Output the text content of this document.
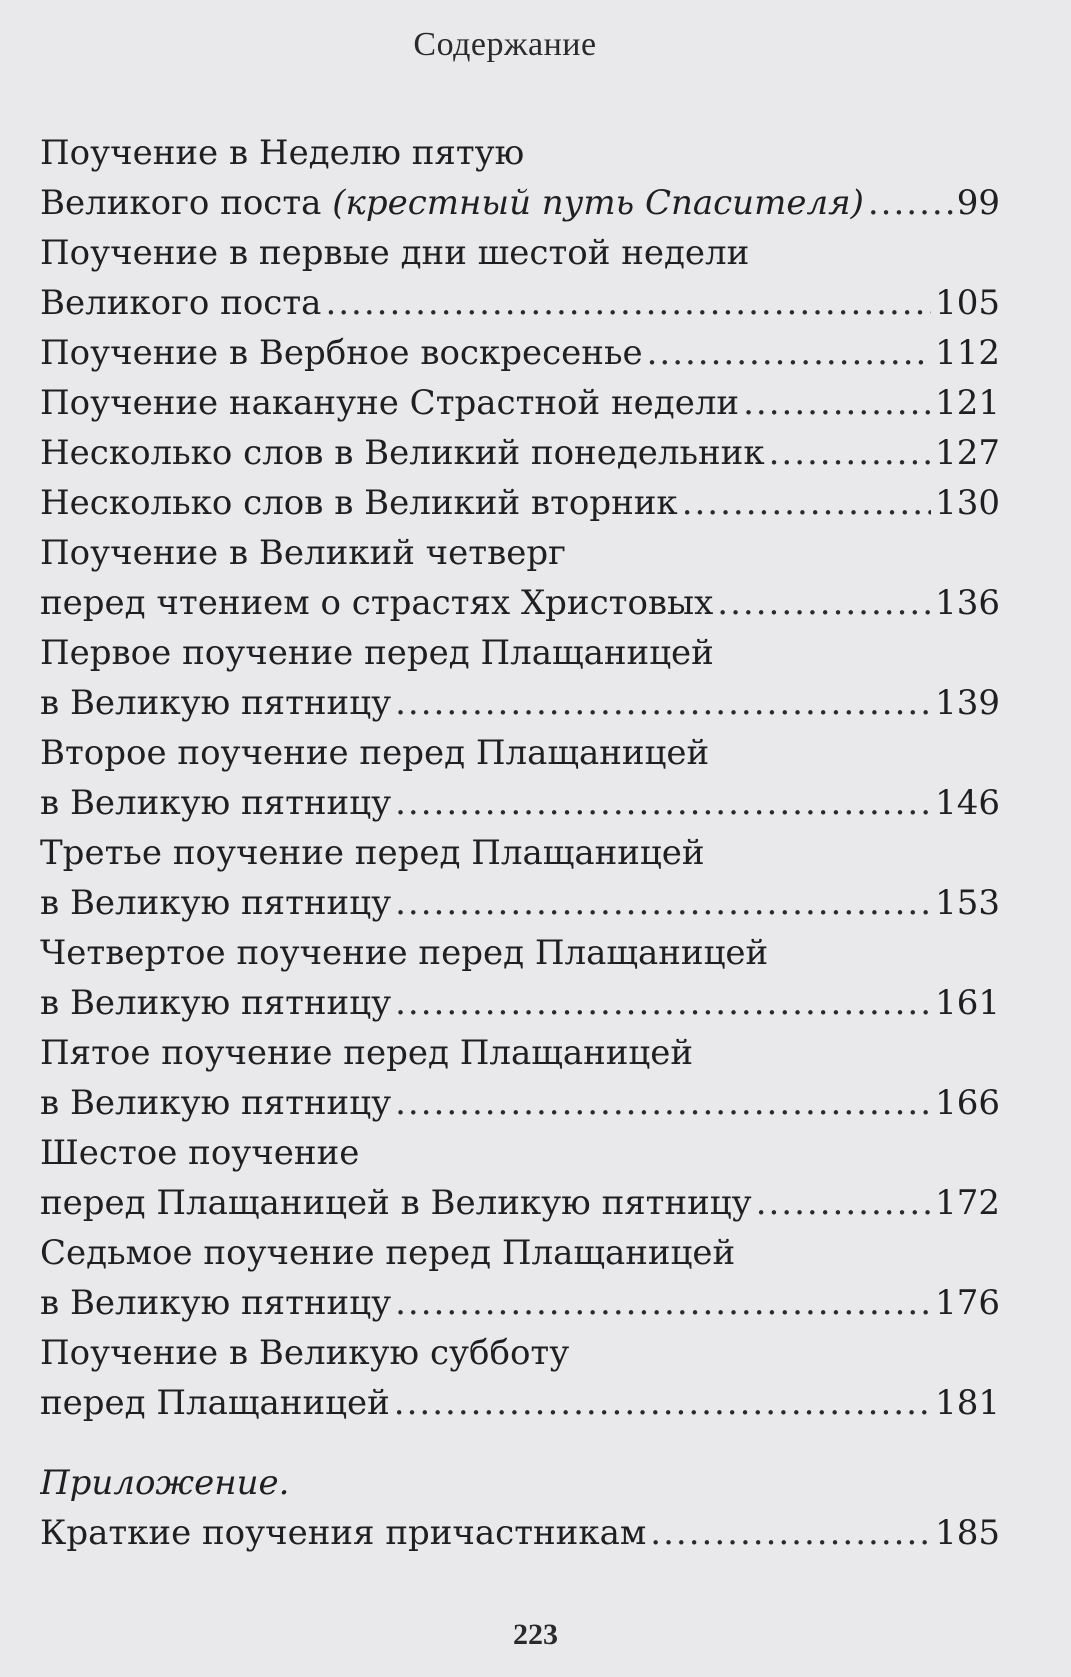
Содержание
Поучение в Неделю пятую
Великого поста (крестный путь Спасителя) .....	99
Поучение в первые дни шестой недели
Великого поста .....	105
Поучение в Вербное воскресенье .....	112
Поучение накануне Страстной недели .....	121
Несколько слов в Великий понедельник .....	127
Несколько слов в Великий вторник .....	130
Поучение в Великий четверг
перед чтением о страстях Христовых .....	136
Первое поучение перед Плащаницей
в Великую пятницу .....	139
Второе поучение перед Плащаницей
в Великую пятницу .....	146
Третье поучение перед Плащаницей
в Великую пятницу .....	153
Четвертое поучение перед Плащаницей
в Великую пятницу .....	161
Пятое поучение перед Плащаницей
в Великую пятницу .....	166
Шестое поучение
перед Плащаницей в Великую пятницу .....	172
Седьмое поучение перед Плащаницей
в Великую пятницу .....	176
Поучение в Великую субботу
перед Плащаницей .....	181
Приложение.
Краткие поучения причастникам .....	185
223
